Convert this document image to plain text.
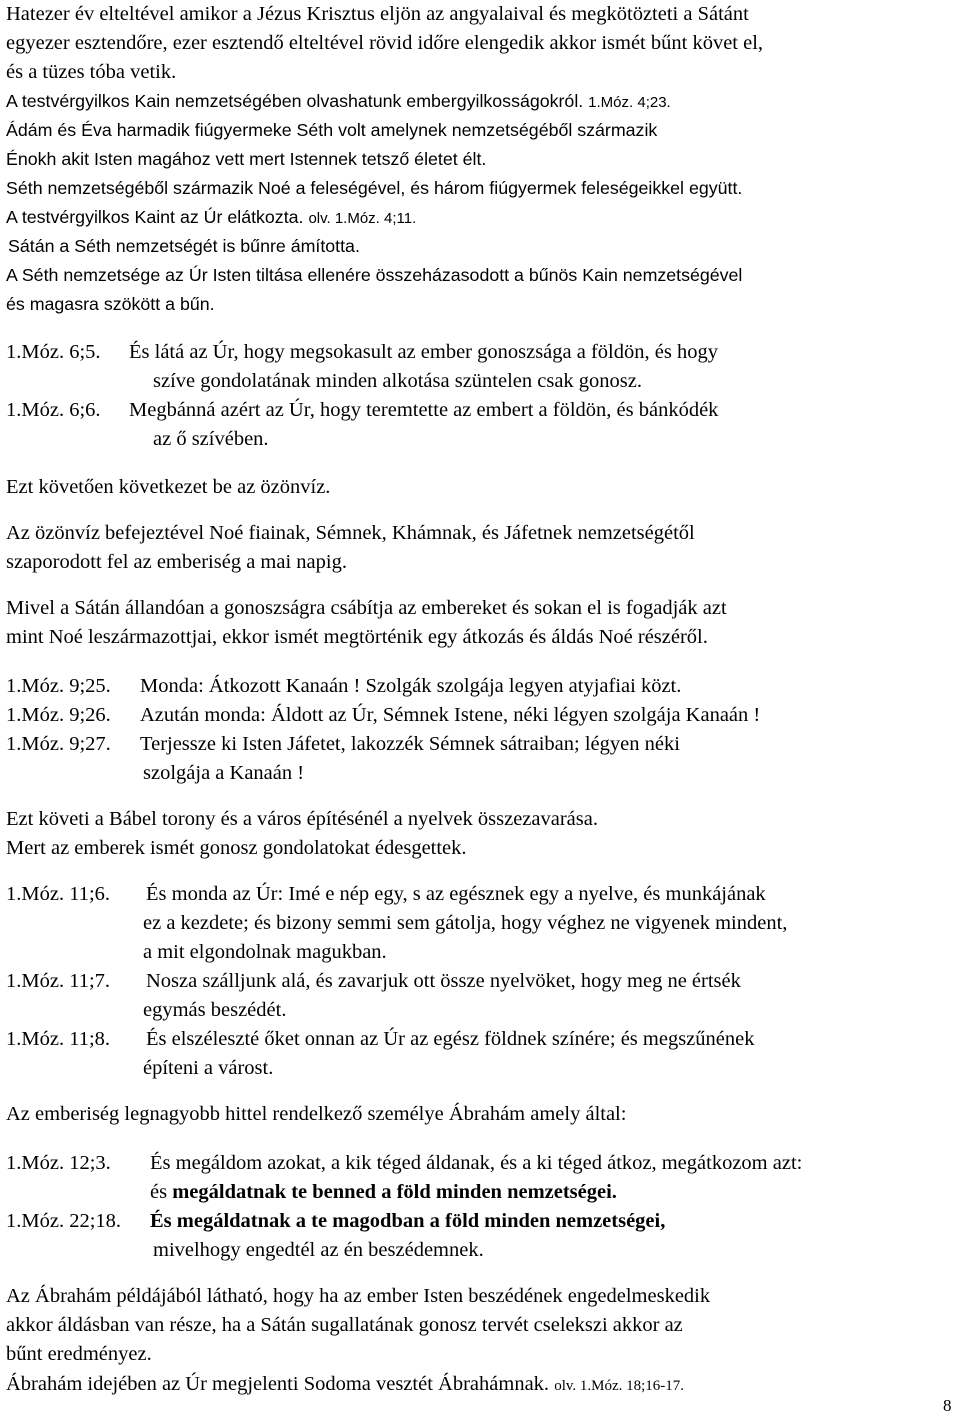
Hatezer év elteltével amikor a Jézus Krisztus eljön az angyalaival és megkötözteti a Sátánt
egyezer esztendőre, ezer esztendő elteltével rövid időre elengedik akkor ismét bűnt követ el,
és a tüzes tóba vetik.
A testvérgyilkos Kain nemzetségében olvashatunk embergyilkosságokról. 1.Móz. 4;23.
Ádám és Éva harmadik fiúgyermeke Séth volt amelynek nemzetségéből származik
Énokh akit Isten magához vett mert Istennek tetsző életet élt.
Séth nemzetségéből származik Noé a feleségével, és három fiúgyermek feleségeikkel együtt.
A testvérgyilkos Kaint az Úr elátkozta. olv. 1.Móz. 4;11.
Sátán a Séth nemzetségét is bűnre ámította.
A Séth nemzetsége az Úr Isten tiltása ellenére összeházasodott a bűnös Kain nemzetségével
és magasra szökött a bűn.
1.Móz. 6;5. És látá az Úr, hogy megsokasult az ember gonoszsága a földön, és hogy
szíve gondolatának minden alkotása szüntelen csak gonosz.
1.Móz. 6;6. Megbánná azért az Úr, hogy teremtette az embert a földön, és bánkódék
az ő szívében.
Ezt követően következet be az özönvíz.
Az özönvíz befejeztével Noé fiainak, Sémnek, Khámnak, és Jáfetnek nemzetségétől
szaporodott fel az emberiség a mai napig.
Mivel a Sátán állandóan a gonoszságra csábítja az embereket és sokan el is fogadják azt
mint Noé leszármazottjai, ekkor ismét megtörténik egy átkozás és áldás Noé részéről.
1.Móz. 9;25. Monda: Átkozott Kanaán ! Szolgák szolgája legyen atyjafiai közt.
1.Móz. 9;26. Azután monda: Áldott az Úr, Sémnek Istene, néki légyen szolgája Kanaán !
1.Móz. 9;27. Terjessze ki Isten Jáfetet, lakozzék Sémnek sátraiban; légyen néki
szolgája a Kanaán !
Ezt követi a Bábel torony és a város építésénél a nyelvek összezavarása.
Mert az emberek ismét gonosz gondolatokat édesgettek.
1.Móz. 11;6. És monda az Úr: Imé e nép egy, s az egésznek egy a nyelve, és munkájának
ez a kezdete; és bizony semmi sem gátolja, hogy véghez ne vigyenek mindent,
a mit elgondolnak magukban.
1.Móz. 11;7. Nosza szálljunk alá, és zavarjuk ott össze nyelvöket, hogy meg ne értsék
egymás beszédét.
1.Móz. 11;8. És elszéleszté őket onnan az Úr az egész földnek színére; és megszűnének
építeni a várost.
Az emberiség legnagyobb hittel rendelkező személye Ábrahám amely által:
1.Móz. 12;3. És megáldom azokat, a kik téged áldanak, és a ki téged átkoz, megátkozom azt:
és megáldatnak te benned a föld minden nemzetségei.
1.Móz. 22;18. És megáldatnak a te magodban a föld minden nemzetségei,
mivelhogy engedtél az én beszédemnek.
Az Ábrahám példájából látható, hogy ha az ember Isten beszédének engedelmeskedik
akkor áldásban van része, ha a Sátán sugallatának gonosz tervét cselekszi akkor az
bűnt eredményez.
Ábrahám idejében az Úr megjelenti Sodoma vesztét Ábrahámnak. olv. 1.Móz. 18;16-17.
8
